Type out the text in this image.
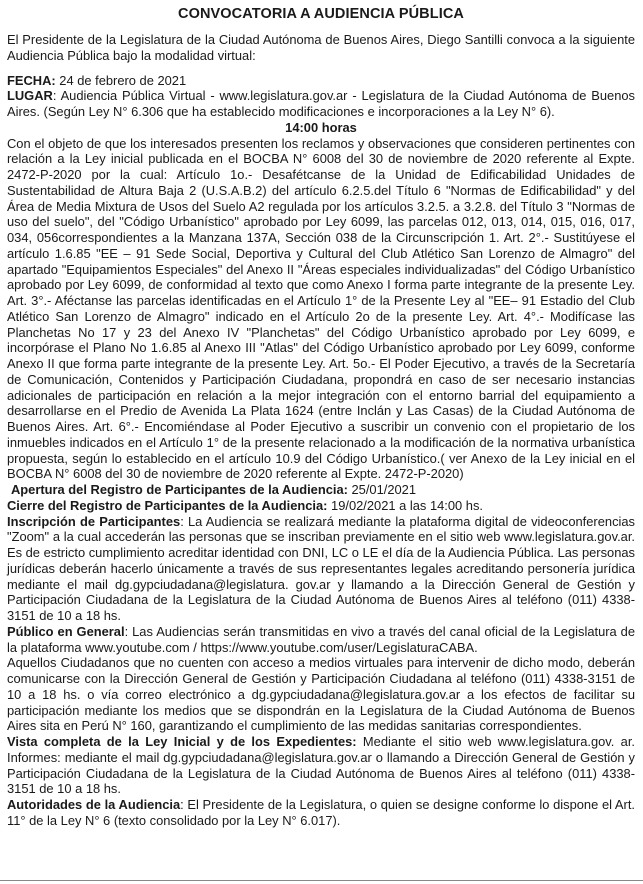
CONVOCATORIA A AUDIENCIA PÚBLICA

El Presidente de la Legislatura de la Ciudad Autónoma de Buenos Aires, Diego Santilli convoca a la siguiente Audiencia Pública bajo la modalidad virtual:

FECHA: 24 de febrero de 2021

LUGAR: Audiencia Pública Virtual - www.legislatura.gov.ar - Legislatura de la Ciudad Autónoma de Buenos Aires. (Según Ley N° 6.306 que ha establecido modificaciones e incorporaciones a la Ley N° 6).

14:00 horas

Con el objeto de que los interesados presenten los reclamos y observaciones que consideren pertinentes con relación a la Ley inicial publicada en el BOCBA N° 6008 del 30 de noviembre de 2020 referente al Expte. 2472-P-2020 por la cual: Artículo 1o.- Desafétcanse de la Unidad de Edificabilidad Unidades de Sustentabilidad de Altura Baja 2 (U.S.A.B.2) del artículo 6.2.5.del Título 6 "Normas de Edificabilidad" y del Área de Media Mixtura de Usos del Suelo A2 regulada por los artículos 3.2.5. a 3.2.8. del Título 3 "Normas de uso del suelo", del "Código Urbanístico" aprobado por Ley 6099, las parcelas 012, 013, 014, 015, 016, 017, 034, 056correspondientes a la Manzana 137A, Sección 038 de la Circunscripción 1. Art. 2°.- Sustitúyese el artículo 1.6.85 "EE – 91 Sede Social, Deportiva y Cultural del Club Atlético San Lorenzo de Almagro" del apartado "Equipamientos Especiales" del Anexo II "Áreas especiales individualizadas" del Código Urbanístico aprobado por Ley 6099, de conformidad al texto que como Anexo I forma parte integrante de la presente Ley. Art. 3°.- Aféctanse las parcelas identificadas en el Artículo 1° de la Presente Ley al "EE– 91 Estadio del Club Atlético San Lorenzo de Almagro" indicado en el Artículo 2o de la presente Ley. Art. 4°.- Modifícase las Planchetas No 17 y 23 del Anexo IV "Planchetas" del Código Urbanístico aprobado por Ley 6099, e incorpórase el Plano No 1.6.85 al Anexo III "Atlas" del Código Urbanístico aprobado por Ley 6099, conforme Anexo II que forma parte integrante de la presente Ley. Art. 5o.- El Poder Ejecutivo, a través de la Secretaría de Comunicación, Contenidos y Participación Ciudadana, propondrá en caso de ser necesario instancias adicionales de participación en relación a la mejor integración con el entorno barrial del equipamiento a desarrollarse en el Predio de Avenida La Plata 1624 (entre Inclán y Las Casas) de la Ciudad Autónoma de Buenos Aires. Art. 6°.- Encomiéndase al Poder Ejecutivo a suscribir un convenio con el propietario de los inmuebles indicados en el Artículo 1° de la presente relacionado a la modificación de la normativa urbanística propuesta, según lo establecido en el artículo 10.9 del Código Urbanístico.( ver Anexo de la Ley inicial en el BOCBA N° 6008 del 30 de noviembre de 2020 referente al Expte. 2472-P-2020)

Apertura del Registro de Participantes de la Audiencia: 25/01/2021

Cierre del Registro de Participantes de la Audiencia: 19/02/2021 a las 14:00 hs.

Inscripción de Participantes: La Audiencia se realizará mediante la plataforma digital de videoconferencias "Zoom" a la cual accederán las personas que se inscriban previamente en el sitio web www.legislatura.gov.ar. Es de estricto cumplimiento acreditar identidad con DNI, LC o LE el día de la Audiencia Pública. Las personas jurídicas deberán hacerlo únicamente a través de sus representantes legales acreditando personería jurídica mediante el mail dg.gypciudadana@legislatura. gov.ar y llamando a la Dirección General de Gestión y Participación Ciudadana de la Legislatura de la Ciudad Autónoma de Buenos Aires al teléfono (011) 4338-3151 de 10 a 18 hs.

Público en General: Las Audiencias serán transmitidas en vivo a través del canal oficial de la Legislatura de la plataforma www.youtube.com / https://www.youtube.com/user/LegislaturaCABA.

Aquellos Ciudadanos que no cuenten con acceso a medios virtuales para intervenir de dicho modo, deberán comunicarse con la Dirección General de Gestión y Participación Ciudadana al teléfono (011) 4338-3151 de 10 a 18 hs. o vía correo electrónico a dg.gypciudadana@legislatura.gov.ar a los efectos de facilitar su participación mediante los medios que se dispondrán en la Legislatura de la Ciudad Autónoma de Buenos Aires sita en Perú N° 160, garantizando el cumplimiento de las medidas sanitarias correspondientes.

Vista completa de la Ley Inicial y de los Expedientes: Mediante el sitio web www.legislatura.gov. ar. Informes: mediante el mail dg.gypciudadana@legislatura.gov.ar o llamando a Dirección General de Gestión y Participación Ciudadana de la Legislatura de la Ciudad Autónoma de Buenos Aires al teléfono (011) 4338-3151 de 10 a 18 hs.

Autoridades de la Audiencia: El Presidente de la Legislatura, o quien se designe conforme lo dispone el Art. 11° de la Ley N° 6 (texto consolidado por la Ley N° 6.017).
